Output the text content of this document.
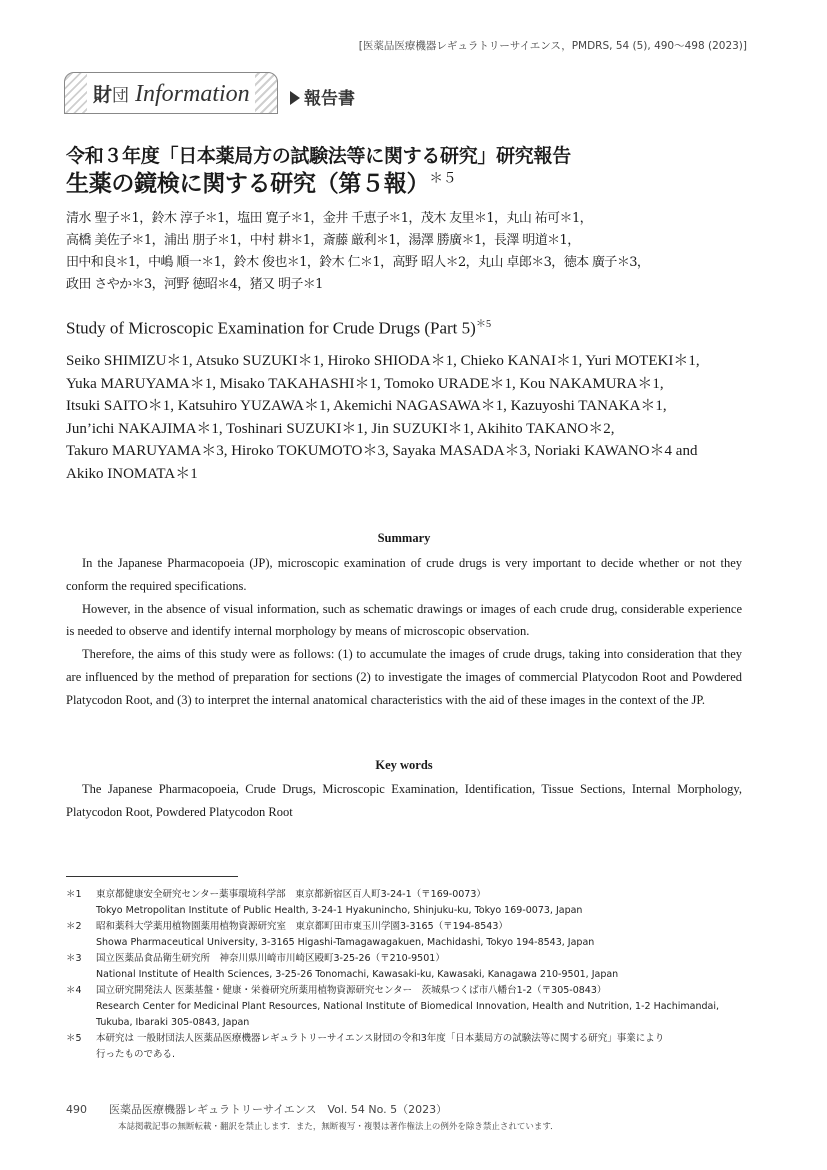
[医薬品医療機器レギュラトリーサイエンス，PMDRS, 54 (5), 490～498 (2023)]
財団 Information	報告書
令和３年度「日本薬局方の試験法等に関する研究」研究報告
生薬の鏡検に関する研究（第５報）$^{*5}$
清水 聖子＊1，鈴木 淳子＊1，塩田 寛子＊1，金井 千恵子＊1，茂木 友里＊1，丸山 祐可＊1，
高橋 美佐子＊1，浦出 朋子＊1，中村 耕＊1，斎藤 厳利＊1，湯澤 勝廣＊1，長澤 明道＊1，
田中和良＊1，中嶋 順一＊1，鈴木 俊也＊1，鈴木 仁＊1，高野 昭人＊2，丸山 卓郎＊3，徳本 廣子＊3，
政田 さやか＊3，河野 徳昭＊4，猪又 明子＊1
Study of Microscopic Examination for Crude Drugs (Part 5)$^{*5}$
Seiko SHIMIZU＊1, Atsuko SUZUKI＊1, Hiroko SHIODA＊1, Chieko KANAI＊1, Yuri MOTEKI＊1,
Yuka MARUYAMA＊1, Misako TAKAHASHI＊1, Tomoko URADE＊1, Kou NAKAMURA＊1,
Itsuki SAITO＊1, Katsuhiro YUZAWA＊1, Akemichi NAGASAWA＊1, Kazuyoshi TANAKA＊1,
Jun’ichi NAKAJIMA＊1, Toshinari SUZUKI＊1, Jin SUZUKI＊1, Akihito TAKANO＊2,
Takuro MARUYAMA＊3, Hiroko TOKUMOTO＊3, Sayaka MASADA＊3, Noriaki KAWANO＊4 and
Akiko INOMATA＊1
Summary

In the Japanese Pharmacopoeia (JP), microscopic examination of crude drugs is very important to decide whether or not they conform the required specifications.

However, in the absence of visual information, such as schematic drawings or images of each crude drug, considerable experience is needed to observe and identify internal morphology by means of microscopic observation.

Therefore, the aims of this study were as follows: (1) to accumulate the images of crude drugs, taking into consideration that they are influenced by the method of preparation for sections (2) to investigate the images of commercial Platycodon Root and Powdered Platycodon Root, and (3) to interpret the internal anatomical characteristics with the aid of these images in the context of the JP.

Key words

The Japanese Pharmacopoeia, Crude Drugs, Microscopic Examination, Identification, Tissue Sections, Internal Morphology, Platycodon Root, Powdered Platycodon Root

＊1	東京都健康安全研究センター薬事環境科学部　東京都新宿区百人町3-24-1（〒169-0073）
Tokyo Metropolitan Institute of Public Health, 3-24-1 Hyakunincho, Shinjuku-ku, Tokyo 169-0073, Japan
＊2	昭和薬科大学薬用植物園薬用植物資源研究室　東京都町田市東玉川学園3-3165（〒194-8543）
Showa Pharmaceutical University, 3-3165 Higashi-Tamagawagakuen, Machidashi, Tokyo 194-8543, Japan
＊3	国立医薬品食品衛生研究所　神奈川県川崎市川崎区殿町3-25-26（〒210-9501）
National Institute of Health Sciences, 3-25-26 Tonomachi, Kawasaki-ku, Kawasaki, Kanagawa 210-9501, Japan
＊4	国立研究開発法人 医薬基盤・健康・栄養研究所薬用植物資源研究センター　茨城県つくば市八幡台1-2（〒305-0843）
Research Center for Medicinal Plant Resources, National Institute of Biomedical Innovation, Health and Nutrition, 1-2 Hachimandai,
Tukuba, Ibaraki 305-0843, Japan
＊5	本研究は 一般財団法人医薬品医療機器レギュラトリーサイエンス財団の令和3年度「日本薬局方の試験法等に関する研究」事業により
行ったものである.
490 医薬品医療機器レギュラトリーサイエンス　Vol. 54 No. 5（2023）
本誌掲載記事の無断転載・翻訳を禁止します．また，無断複写・複製は著作権法上の例外を除き禁止されています．
